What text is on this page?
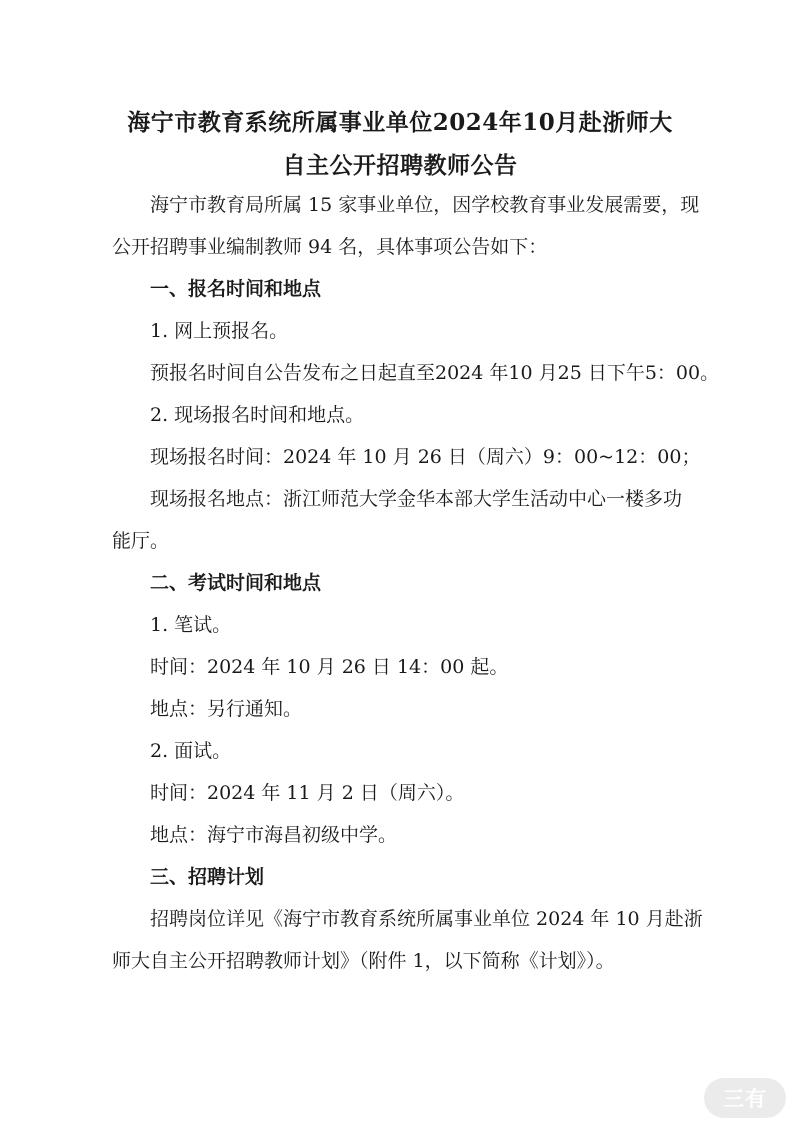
海宁市教育系统所属事业单位2024年10月赴浙师大
自主公开招聘教师公告
海宁市教育局所属 15 家事业单位，因学校教育事业发展需要，现
公开招聘事业编制教师 94 名，具体事项公告如下：
一、报名时间和地点
1. 网上预报名。
预报名时间自公告发布之日起直至2024 年10 月25 日下午5：00。
2. 现场报名时间和地点。
现场报名时间：2024 年 10 月 26 日（周六）9：00~12：00；
现场报名地点：浙江师范大学金华本部大学生活动中心一楼多功
能厅。
二、考试时间和地点
1. 笔试。
时间：2024 年 10 月 26 日 14：00 起。
地点：另行通知。
2. 面试。
时间：2024 年 11 月 2 日（周六）。
地点：海宁市海昌初级中学。
三、招聘计划
招聘岗位详见《海宁市教育系统所属事业单位 2024 年 10 月赴浙
师大自主公开招聘教师计划》（附件 1，以下简称《计划》）。
三有
